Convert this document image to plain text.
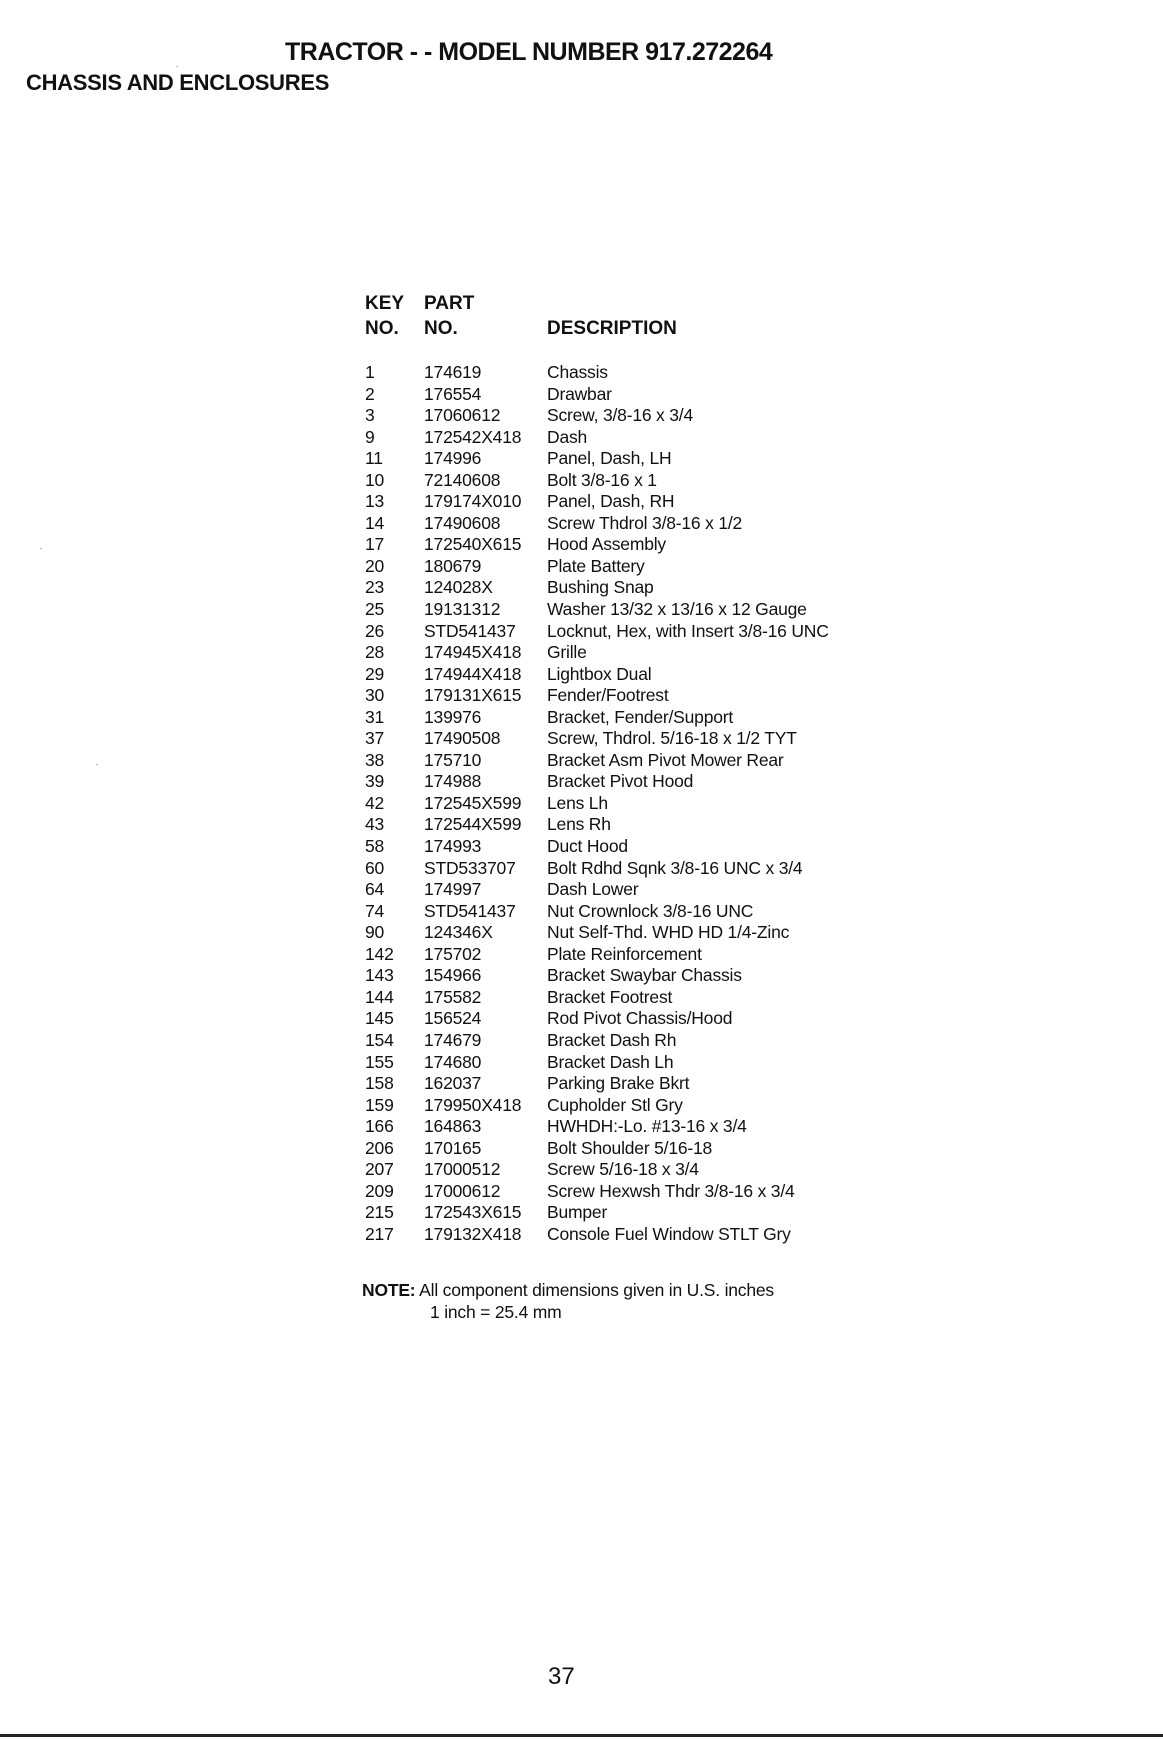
TRACTOR - - MODEL NUMBER 917.272264
CHASSIS AND ENCLOSURES
KEY
NO.
PART
NO.	DESCRIPTION
1	174619	Chassis
2	176554	Drawbar
3	17060612	Screw, 3/8-16 x 3/4
9	172542X418 Dash
11 174996	Panel, Dash, LH
10 72140608	Bolt 3/8-16 x 1
13 179174X010 Panel, Dash, RH
14 17490608	Screw Thdrol 3/8-16 x 1/2
17 172540X615 Hood Assembly
20 180679	Plate Battery
23 124028X	Bushing Snap
25 19131312	Washer 13/32 x 13/16 x 12 Gauge
26 STD541437 Locknut, Hex, with Insert 3/8-16 UNC
28 174945X418 Grille
29 174944X418 Lightbox Dual
30 179131X615 Fender/Footrest
31 139976	Bracket, Fender/Support
37 17490508	Screw, Thdrol. 5/16-18 x 1/2 TYT
38 175710	Bracket Asm Pivot Mower Rear
39 174988	Bracket Pivot Hood
42 172545X599 Lens Lh
43 172544X599 Lens Rh
58 174993	Duct Hood
60 STD533707 Bolt Rdhd Sqnk 3/8-16 UNC x 3/4
64 174997	Dash Lower
74 STD541437 Nut Crownlock 3/8-16 UNC
90 124346X	Nut Self-Thd. WHD HD 1/4-Zinc
142 175702	Plate Reinforcement
143 154966	Bracket Swaybar Chassis
144 175582	Bracket Footrest
145 156524	Rod Pivot Chassis/Hood
154 174679	Bracket Dash Rh
155 174680	Bracket Dash Lh
158 162037	Parking Brake Bkrt
159 179950X418 Cupholder Stl Gry
166 164863	HWHDH:-Lo. #13-16 x 3/4
206 170165	Bolt Shoulder 5/16-18
207 17000512	Screw 5/16-18 x 3/4
209 17000612	Screw Hexwsh Thdr 3/8-16 x 3/4
215 172543X615 Bumper
217 179132X418 Console Fuel Window STLT Gry
NOTE: All component dimensions given in U.S. inches
1 inch = 25.4 mm
37
